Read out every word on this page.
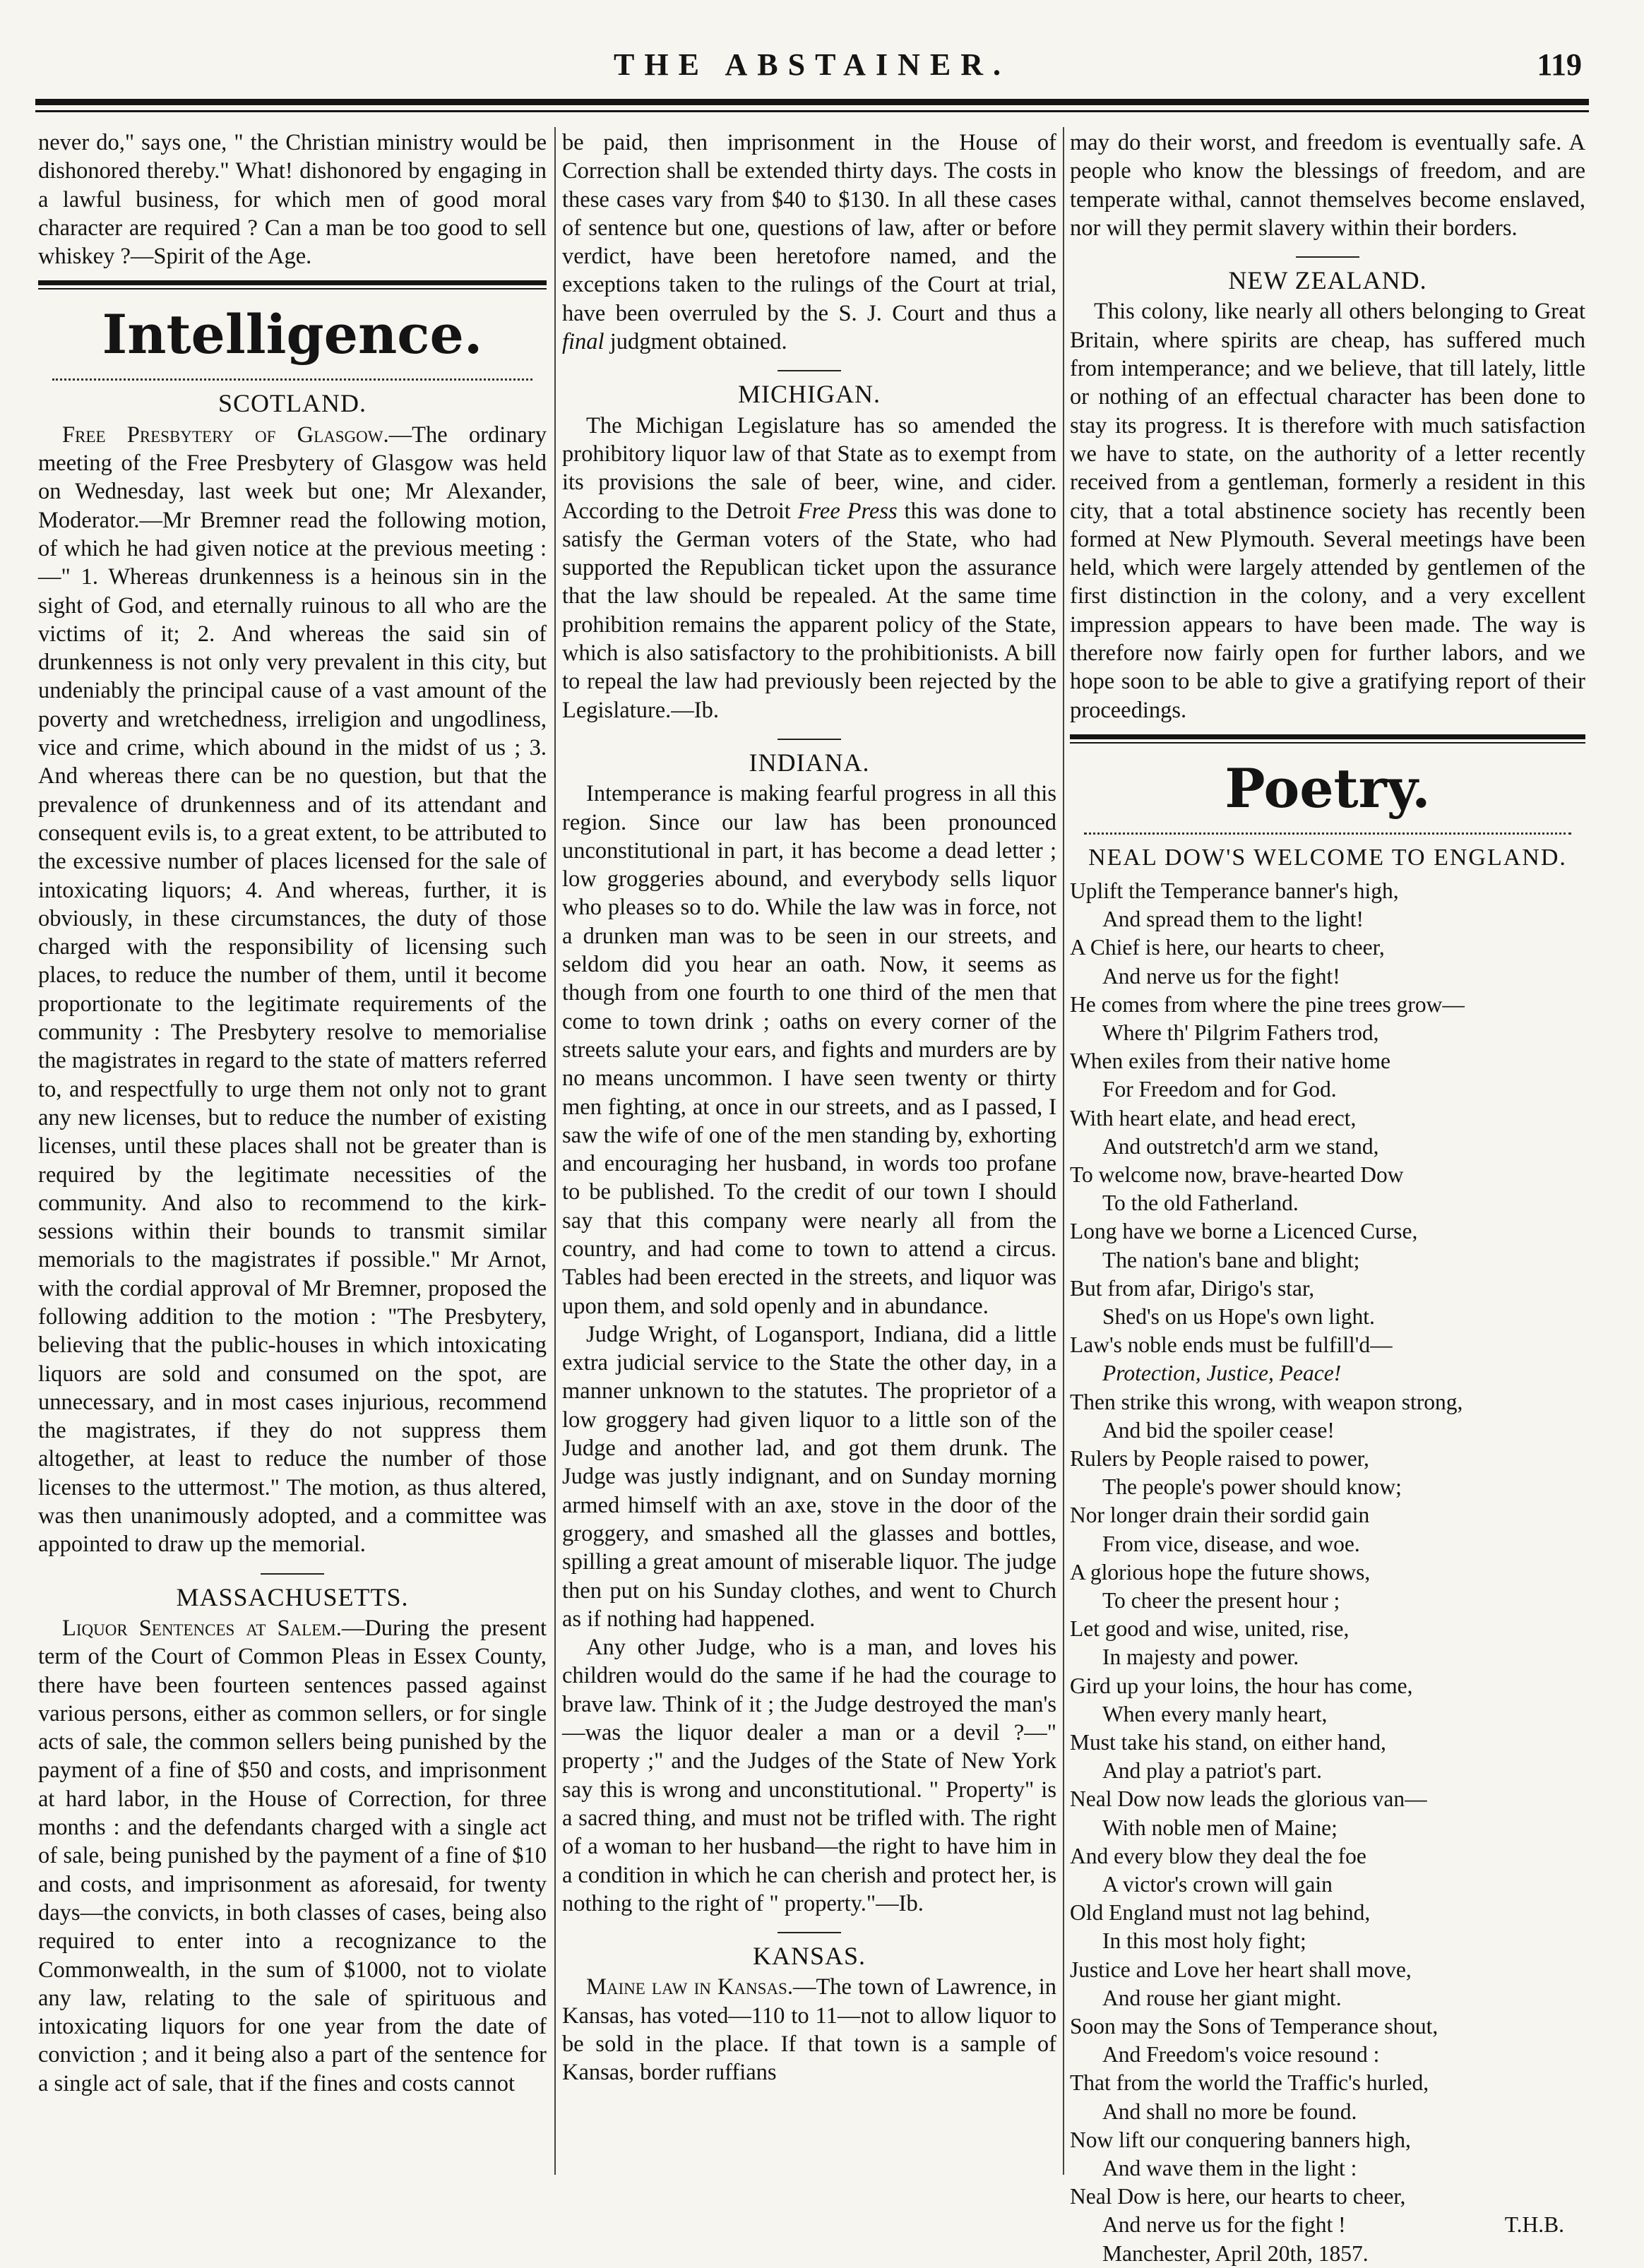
THE ABSTAINER.	119

never do," says one, " the Christian ministry would be dishonored thereby." What! dishonored by engaging in a lawful business, for which men of good moral character are required ? Can a man be too good to sell whiskey ?—Spirit of the Age.

Intelligence.
SCOTLAND.

Free Presbytery of Glasgow.—The ordinary meeting of the Free Presbytery of Glasgow was held on Wednesday, last week but one; Mr Alexander, Moderator.—Mr Bremner read the following motion, of which he had given notice at the previous meeting : —" 1. Whereas drunkenness is a heinous sin in the sight of God, and eternally ruinous to all who are the victims of it; 2. And whereas the said sin of drunkenness is not only very prevalent in this city, but undeniably the principal cause of a vast amount of the poverty and wretchedness, irreligion and ungodliness, vice and crime, which abound in the midst of us ; 3. And whereas there can be no question, but that the prevalence of drunkenness and of its attendant and consequent evils is, to a great extent, to be attributed to the excessive number of places licensed for the sale of intoxicating liquors; 4. And whereas, further, it is obviously, in these circumstances, the duty of those charged with the responsibility of licensing such places, to reduce the number of them, until it become proportionate to the legitimate requirements of the community : The Presbytery resolve to memorialise the magistrates in regard to the state of matters referred to, and respectfully to urge them not only not to grant any new licenses, but to reduce the number of existing licenses, until these places shall not be greater than is required by the legitimate necessities of the community. And also to recommend to the kirk-sessions within their bounds to transmit similar memorials to the magistrates if possible." Mr Arnot, with the cordial approval of Mr Bremner, proposed the following addition to the motion : "The Presbytery, believing that the public-houses in which intoxicating liquors are sold and consumed on the spot, are unnecessary, and in most cases injurious, recommend the magistrates, if they do not suppress them altogether, at least to reduce the number of those licenses to the uttermost." The motion, as thus altered, was then unanimously adopted, and a committee was appointed to draw up the memorial.

MASSACHUSETTS.

Liquor Sentences at Salem.—During the present term of the Court of Common Pleas in Essex County, there have been fourteen sentences passed against various persons, either as common sellers, or for single acts of sale, the common sellers being punished by the payment of a fine of $50 and costs, and imprisonment at hard labor, in the House of Correction, for three months : and the defendants charged with a single act of sale, being punished by the payment of a fine of $10 and costs, and imprisonment as aforesaid, for twenty days—the convicts, in both classes of cases, being also required to enter into a recognizance to the Commonwealth, in the sum of $1000, not to violate any law, relating to the sale of spirituous and intoxicating liquors for one year from the date of conviction ; and it being also a part of the sentence for a single act of sale, that if the fines and costs cannot

be paid, then imprisonment in the House of Correction shall be extended thirty days. The costs in these cases vary from $40 to $130. In all these cases of sentence but one, questions of law, after or before verdict, have been heretofore named, and the exceptions taken to the rulings of the Court at trial, have been overruled by the S. J. Court and thus a final judgment obtained.

MICHIGAN.

The Michigan Legislature has so amended the prohibitory liquor law of that State as to exempt from its provisions the sale of beer, wine, and cider. According to the Detroit Free Press this was done to satisfy the German voters of the State, who had supported the Republican ticket upon the assurance that the law should be repealed. At the same time prohibition remains the apparent policy of the State, which is also satisfactory to the prohibitionists. A bill to repeal the law had previously been rejected by the Legislature.—Ib.

INDIANA.

Intemperance is making fearful progress in all this region. Since our law has been pronounced unconstitutional in part, it has become a dead letter ; low groggeries abound, and everybody sells liquor who pleases so to do. While the law was in force, not a drunken man was to be seen in our streets, and seldom did you hear an oath. Now, it seems as though from one fourth to one third of the men that come to town drink ; oaths on every corner of the streets salute your ears, and fights and murders are by no means uncommon. I have seen twenty or thirty men fighting, at once in our streets, and as I passed, I saw the wife of one of the men standing by, exhorting and encouraging her husband, in words too profane to be published. To the credit of our town I should say that this company were nearly all from the country, and had come to town to attend a circus. Tables had been erected in the streets, and liquor was upon them, and sold openly and in abundance.

Judge Wright, of Logansport, Indiana, did a little extra judicial service to the State the other day, in a manner unknown to the statutes. The proprietor of a low groggery had given liquor to a little son of the Judge and another lad, and got them drunk. The Judge was justly indignant, and on Sunday morning armed himself with an axe, stove in the door of the groggery, and smashed all the glasses and bottles, spilling a great amount of miserable liquor. The judge then put on his Sunday clothes, and went to Church as if nothing had happened.

Any other Judge, who is a man, and loves his children would do the same if he had the courage to brave law. Think of it ; the Judge destroyed the man's—was the liquor dealer a man or a devil ?—" property ;" and the Judges of the State of New York say this is wrong and unconstitutional. " Property" is a sacred thing, and must not be trifled with. The right of a woman to her husband—the right to have him in a condition in which he can cherish and protect her, is nothing to the right of " property."—Ib.

KANSAS.

Maine law in Kansas.—The town of Lawrence, in Kansas, has voted—110 to 11—not to allow liquor to be sold in the place. If that town is a sample of Kansas, border ruffians

may do their worst, and freedom is eventually safe. A people who know the blessings of freedom, and are temperate withal, cannot themselves become enslaved, nor will they permit slavery within their borders.

NEW ZEALAND.

This colony, like nearly all others belonging to Great Britain, where spirits are cheap, has suffered much from intemperance; and we believe, that till lately, little or nothing of an effectual character has been done to stay its progress. It is therefore with much satisfaction we have to state, on the authority of a letter recently received from a gentleman, formerly a resident in this city, that a total abstinence society has recently been formed at New Plymouth. Several meetings have been held, which were largely attended by gentlemen of the first distinction in the colony, and a very excellent impression appears to have been made. The way is therefore now fairly open for further labors, and we hope soon to be able to give a gratifying report of their proceedings.

Poetry.
NEAL DOW'S WELCOME TO ENGLAND.
Uplift the Temperance banner's high,
And spread them to the light!
A Chief is here, our hearts to cheer,
And nerve us for the fight!
He comes from where the pine trees grow—
Where th' Pilgrim Fathers trod,
When exiles from their native home
For Freedom and for God.
With heart elate, and head erect,
And outstretch'd arm we stand,
To welcome now, brave-hearted Dow
To the old Fatherland.
Long have we borne a Licenced Curse,
The nation's bane and blight;
But from afar, Dirigo's star,
Shed's on us Hope's own light.
Law's noble ends must be fulfill'd—
Protection, Justice, Peace!
Then strike this wrong, with weapon strong,
And bid the spoiler cease!
Rulers by People raised to power,
The people's power should know;
Nor longer drain their sordid gain
From vice, disease, and woe.
A glorious hope the future shows,
To cheer the present hour ;
Let good and wise, united, rise,
In majesty and power.
Gird up your loins, the hour has come,
When every manly heart,
Must take his stand, on either hand,
And play a patriot's part.
Neal Dow now leads the glorious van—
With noble men of Maine;
And every blow they deal the foe
A victor's crown will gain
Old England must not lag behind,
In this most holy fight;
Justice and Love her heart shall move,
And rouse her giant might.
Soon may the Sons of Temperance shout,
And Freedom's voice resound :
That from the world the Traffic's hurled,
And shall no more be found.
Now lift our conquering banners high,
And wave them in the light :
Neal Dow is here, our hearts to cheer,
And nerve us for the fight !	T.H.B.
Manchester, April 20th, 1857.
